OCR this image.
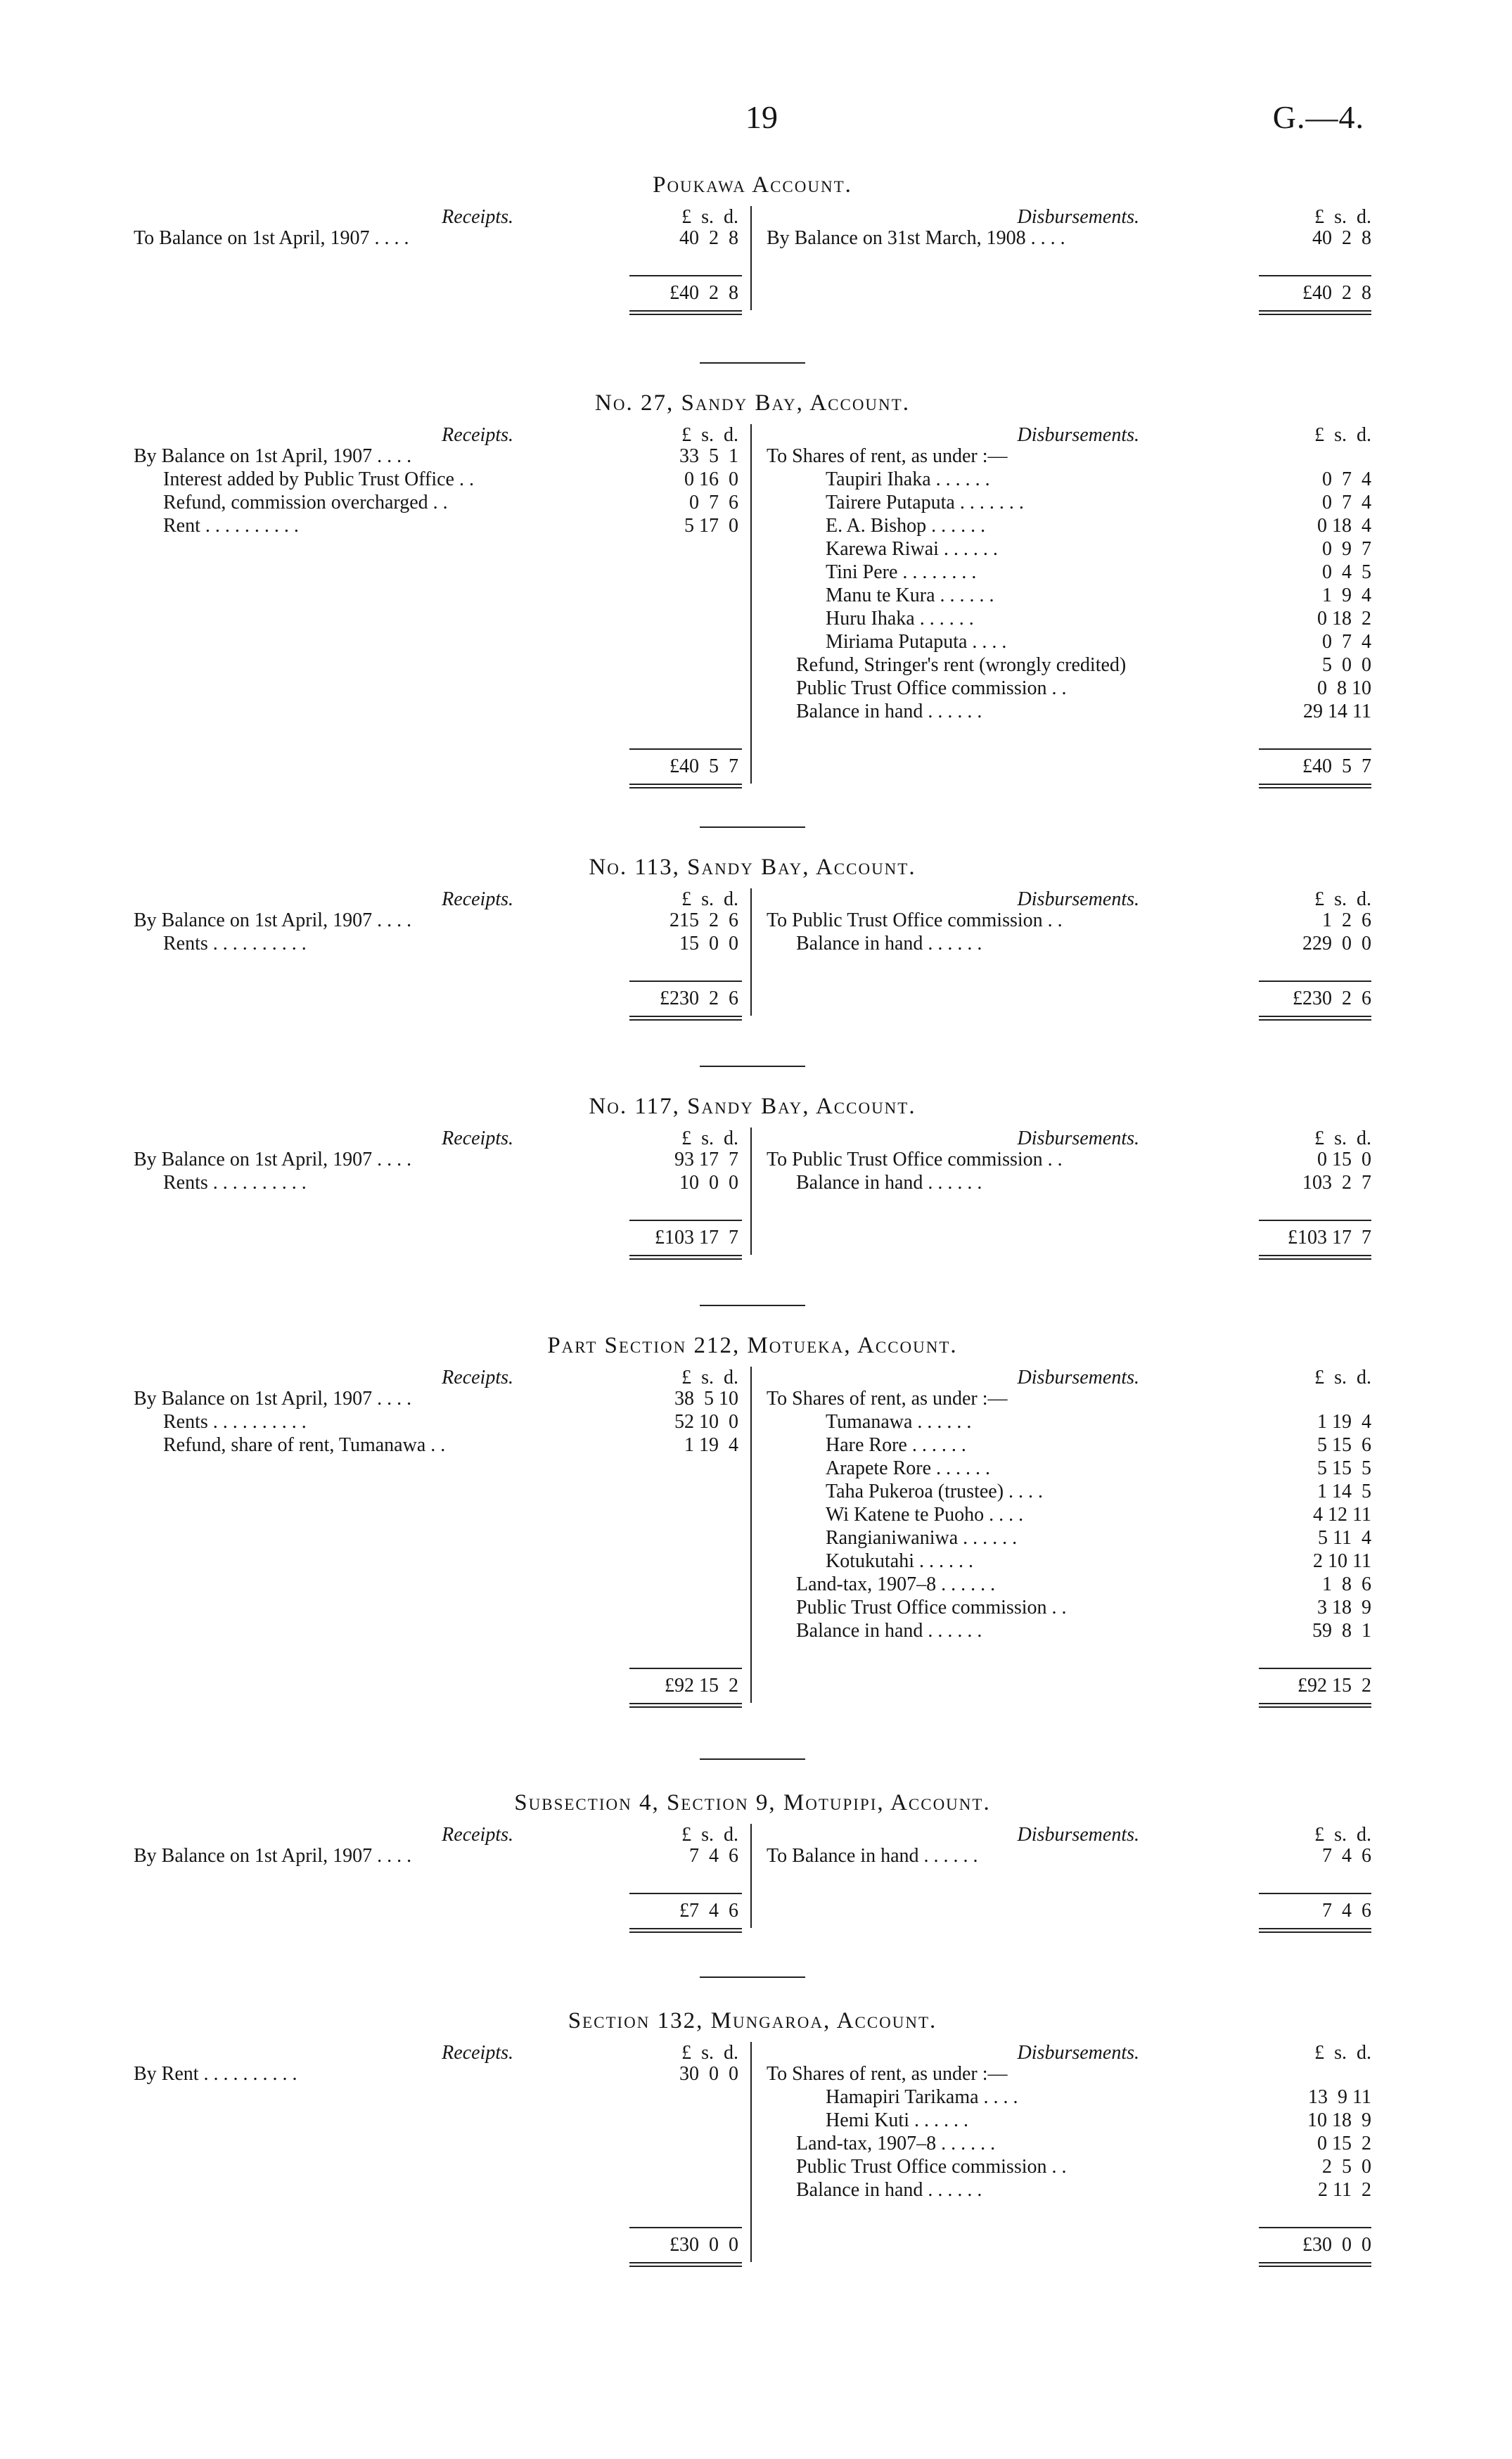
19	G.—4.
Poukawa Account.
Receipts.	£  s.  d.
To Balance on 1st April, 1907 . . . .	40  2  8
£40  2  8
Disbursements.	£  s.  d.
By Balance on 31st March, 1908 . . . .	40  2  8
£40  2  8
No. 27, Sandy Bay, Account.
Receipts.	£  s.  d.
By Balance on 1st April, 1907 . . . .	33  5  1
Interest added by Public Trust Office . .	0 16  0
Refund, commission overcharged . .	0  7  6
Rent . . . . . . . . . .	5 17  0
£40  5  7
Disbursements.	£  s.  d.
To Shares of rent, as under :—
Taupiri Ihaka . . . . . .	0  7  4
Tairere Putaputa . . . . . . .	0  7  4
E. A. Bishop . . . . . .	0 18  4
Karewa Riwai . . . . . .	0  9  7
Tini Pere . . . . . . . .	0  4  5
Manu te Kura . . . . . .	1  9  4
Huru Ihaka . . . . . .	0 18  2
Miriama Putaputa . . . .	0  7  4
Refund, Stringer's rent (wrongly credited)	5  0  0
Public Trust Office commission . .	0  8 10
Balance in hand . . . . . .	29 14 11
£40  5  7
No. 113, Sandy Bay, Account.
Receipts.	£  s.  d.
By Balance on 1st April, 1907 . . . .	215  2  6
Rents . . . . . . . . . .	15  0  0
£230  2  6
Disbursements.	£  s.  d.
To Public Trust Office commission . .	1  2  6
Balance in hand . . . . . .	229  0  0
£230  2  6
No. 117, Sandy Bay, Account.
Receipts.	£  s.  d.
By Balance on 1st April, 1907 . . . .	93 17  7
Rents . . . . . . . . . .	10  0  0
£103 17  7
Disbursements.	£  s.  d.
To Public Trust Office commission . .	0 15  0
Balance in hand . . . . . .	103  2  7
£103 17  7
Part Section 212, Motueka, Account.
Receipts.	£  s.  d.
By Balance on 1st April, 1907 . . . .	38  5 10
Rents . . . . . . . . . .	52 10  0
Refund, share of rent, Tumanawa . .	1 19  4
£92 15  2
Disbursements.	£  s.  d.
To Shares of rent, as under :—
Tumanawa . . . . . .	1 19  4
Hare Rore . . . . . .	5 15  6
Arapete Rore . . . . . .	5 15  5
Taha Pukeroa (trustee) . . . .	1 14  5
Wi Katene te Puoho . . . .	4 12 11
Rangianiwaniwa . . . . . .	5 11  4
Kotukutahi . . . . . .	2 10 11
Land-tax, 1907–8 . . . . . .	1  8  6
Public Trust Office commission . .	3 18  9
Balance in hand . . . . . .	59  8  1
£92 15  2
Subsection 4, Section 9, Motupipi, Account.
Receipts.	£  s.  d.
By Balance on 1st April, 1907 . . . .	7  4  6
£7  4  6
Disbursements.	£  s.  d.
To Balance in hand . . . . . .	7  4  6
7  4  6
Section 132, Mungaroa, Account.
Receipts.	£  s.  d.
By Rent . . . . . . . . . .	30  0  0
£30  0  0
Disbursements.	£  s.  d.
To Shares of rent, as under :—
Hamapiri Tarikama . . . .	13  9 11
Hemi Kuti . . . . . .	10 18  9
Land-tax, 1907–8 . . . . . .	0 15  2
Public Trust Office commission . .	2  5  0
Balance in hand . . . . . .	2 11  2
£30  0  0
